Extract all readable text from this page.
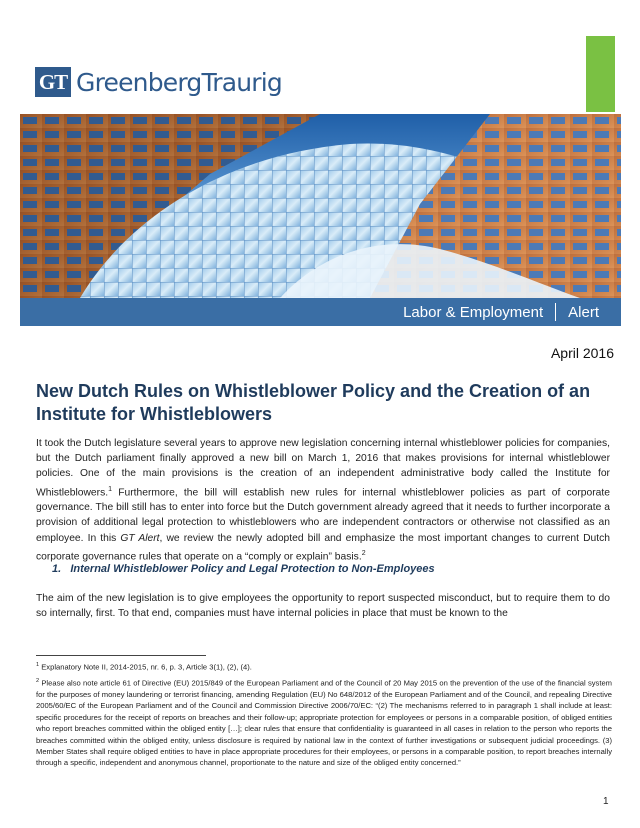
GT GreenbergTraurig
Labor & Employment Alert
April 2016
New Dutch Rules on Whistleblower Policy and the Creation of an Institute for Whistleblowers
It took the Dutch legislature several years to approve new legislation concerning internal whistleblower policies for companies, but the Dutch parliament finally approved a new bill on March 1, 2016 that makes provisions for internal whistleblower policies. One of the main provisions is the creation of an independent administrative body called the Institute for Whistleblowers.$^1$ Furthermore, the bill will establish new rules for internal whistleblower policies as part of corporate governance. The bill still has to enter into force but the Dutch government already agreed that it needs to further incorporate a provision of additional legal protection to whistleblowers who are independent contractors or otherwise not classified as an employee. In this GT Alert, we review the newly adopted bill and emphasize the most important changes to current Dutch corporate governance rules that operate on a “comply or explain” basis.$^2$
1. Internal Whistleblower Policy and Legal Protection to Non-Employees
The aim of the new legislation is to give employees the opportunity to report suspected misconduct, but to require them to do so internally, first. To that end, companies must have internal policies in place that must be known to the
$^1$ Explanatory Note II, 2014-2015, nr. 6, p. 3, Article 3(1), (2), (4).
$^2$ Please also note article 61 of Directive (EU) 2015/849 of the European Parliament and of the Council of 20 May 2015 on the prevention of the use of the financial system for the purposes of money laundering or terrorist financing, amending Regulation (EU) No 648/2012 of the European Parliament and of the Council, and repealing Directive 2005/60/EC of the European Parliament and of the Council and Commission Directive 2006/70/EC: “(2) The mechanisms referred to in paragraph 1 shall include at least: specific procedures for the receipt of reports on breaches and their follow-up; appropriate protection for employees or persons in a comparable position, of obliged entities who report breaches committed within the obliged entity […]; clear rules that ensure that confidentiality is guaranteed in all cases in relation to the person who reports the breaches committed within the obliged entity, unless disclosure is required by national law in the context of further investigations or subsequent judicial proceedings. (3) Member States shall require obliged entities to have in place appropriate procedures for their employees, or persons in a comparable position, to report breaches internally through a specific, independent and anonymous channel, proportionate to the nature and size of the obliged entity concerned.”
1
